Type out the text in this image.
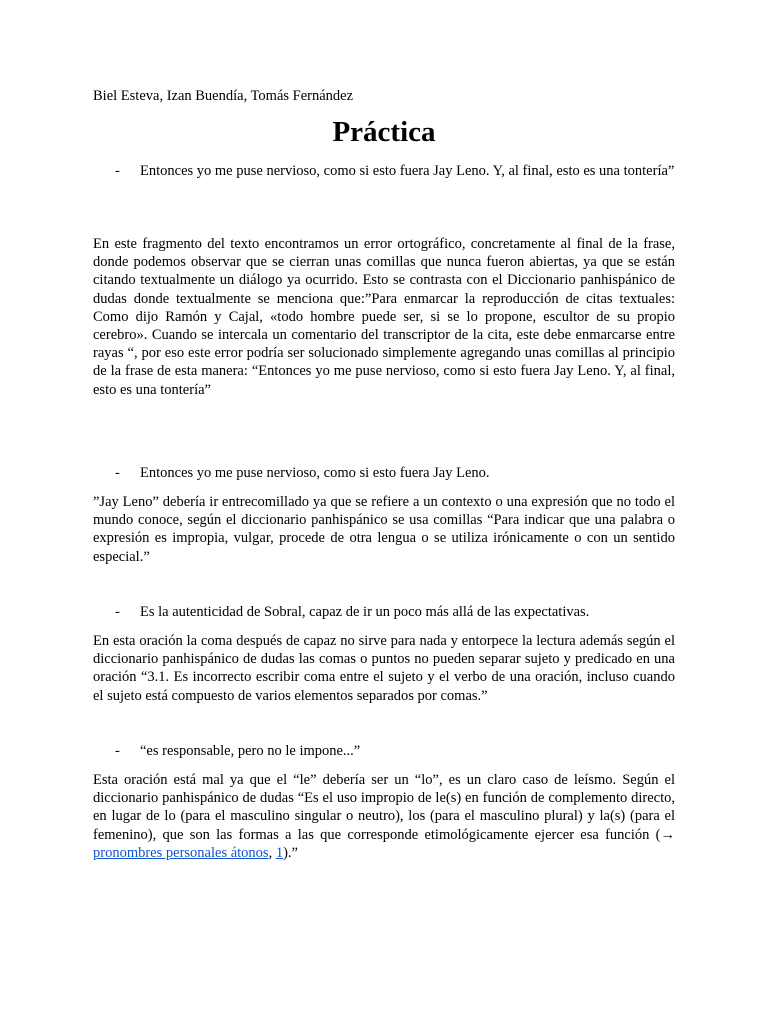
Biel Esteva, Izan Buendía, Tomás Fernández
Práctica
- Entonces yo me puse nervioso, como si esto fuera Jay Leno. Y, al final, esto es una tontería”
En este fragmento del texto encontramos un error ortográfico, concretamente al final de la frase, donde podemos observar que se cierran unas comillas que nunca fueron abiertas, ya que se están citando textualmente un diálogo ya ocurrido. Esto se contrasta con el Diccionario panhispánico de dudas donde textualmente se menciona que:”Para enmarcar la reproducción de citas textuales: Como dijo Ramón y Cajal, «todo hombre puede ser, si se lo propone, escultor de su propio cerebro». Cuando se intercala un comentario del transcriptor de la cita, este debe enmarcarse entre rayas “, por eso este error podría ser solucionado simplemente agregando unas comillas al principio de la frase de esta manera: “Entonces yo me puse nervioso, como si esto fuera Jay Leno. Y, al final, esto es una tontería”
- Entonces yo me puse nervioso, como si esto fuera Jay Leno.
”Jay Leno” debería ir entrecomillado ya que se refiere a un contexto o una expresión que no todo el mundo conoce, según el diccionario panhispánico se usa comillas “Para indicar que una palabra o expresión es impropia, vulgar, procede de otra lengua o se utiliza irónicamente o con un sentido especial.”
- Es la autenticidad de Sobral, capaz de ir un poco más allá de las expectativas.
En esta oración la coma después de capaz no sirve para nada y entorpece la lectura además según el diccionario panhispánico de dudas las comas o puntos no pueden separar sujeto y predicado en una oración “3.1. Es incorrecto escribir coma entre el sujeto y el verbo de una oración, incluso cuando el sujeto está compuesto de varios elementos separados por comas.”
- “es responsable, pero no le impone...”
Esta oración está mal ya que el “le” debería ser un “lo”, es un claro caso de leísmo. Según el diccionario panhispánico de dudas “Es el uso impropio de le(s) en función de complemento directo, en lugar de lo (para el masculino singular o neutro), los (para el masculino plural) y la(s) (para el femenino), que son las formas a las que corresponde etimológicamente ejercer esa función (→ pronombres personales átonos, 1).”
